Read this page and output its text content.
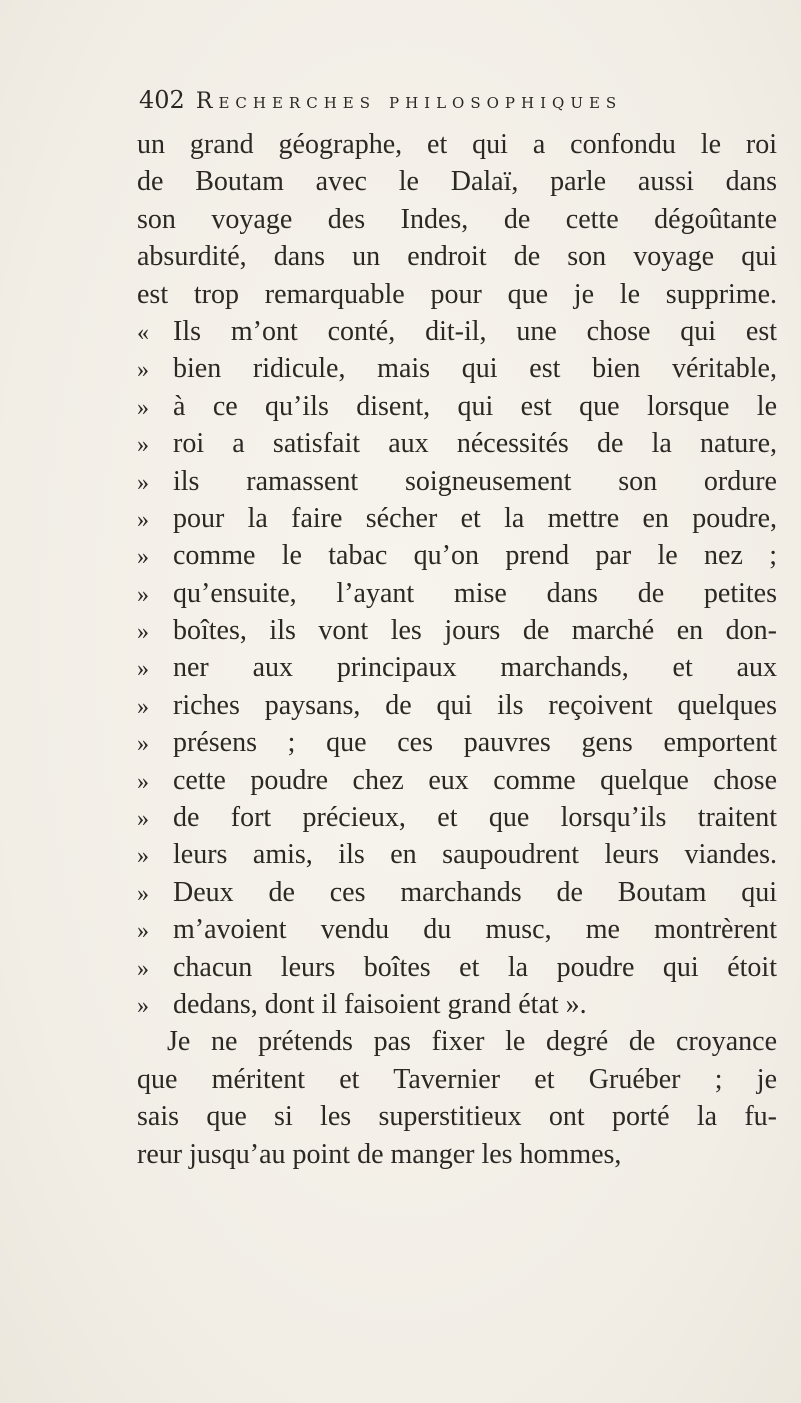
402 Recherches philosophiques
un grand géographe, et qui a confondu le roi
de Boutam avec le Dalaï, parle aussi dans
son voyage des Indes, de cette dégoûtante
absurdité, dans un endroit de son voyage qui
est trop remarquable pour que je le supprime.
« Ils m’ont conté, dit-il, une chose qui est
» bien ridicule, mais qui est bien véritable,
» à ce qu’ils disent, qui est que lorsque le
» roi a satisfait aux nécessités de la nature,
» ils ramassent soigneusement son ordure
» pour la faire sécher et la mettre en poudre,
» comme le tabac qu’on prend par le nez ;
» qu’ensuite, l’ayant mise dans de petites
» boîtes, ils vont les jours de marché en don-
» ner aux principaux marchands, et aux
» riches paysans, de qui ils reçoivent quelques
» présens ; que ces pauvres gens emportent
» cette poudre chez eux comme quelque chose
» de fort précieux, et que lorsqu’ils traitent
» leurs amis, ils en saupoudrent leurs viandes.
» Deux de ces marchands de Boutam qui
» m’avoient vendu du musc, me montrèrent
» chacun leurs boîtes et la poudre qui étoit
» dedans, dont il faisoient grand état ».
Je ne prétends pas fixer le degré de croyance
que méritent et Tavernier et Gruéber ; je
sais que si les superstitieux ont porté la fu-
reur jusqu’au point de manger les hommes,
